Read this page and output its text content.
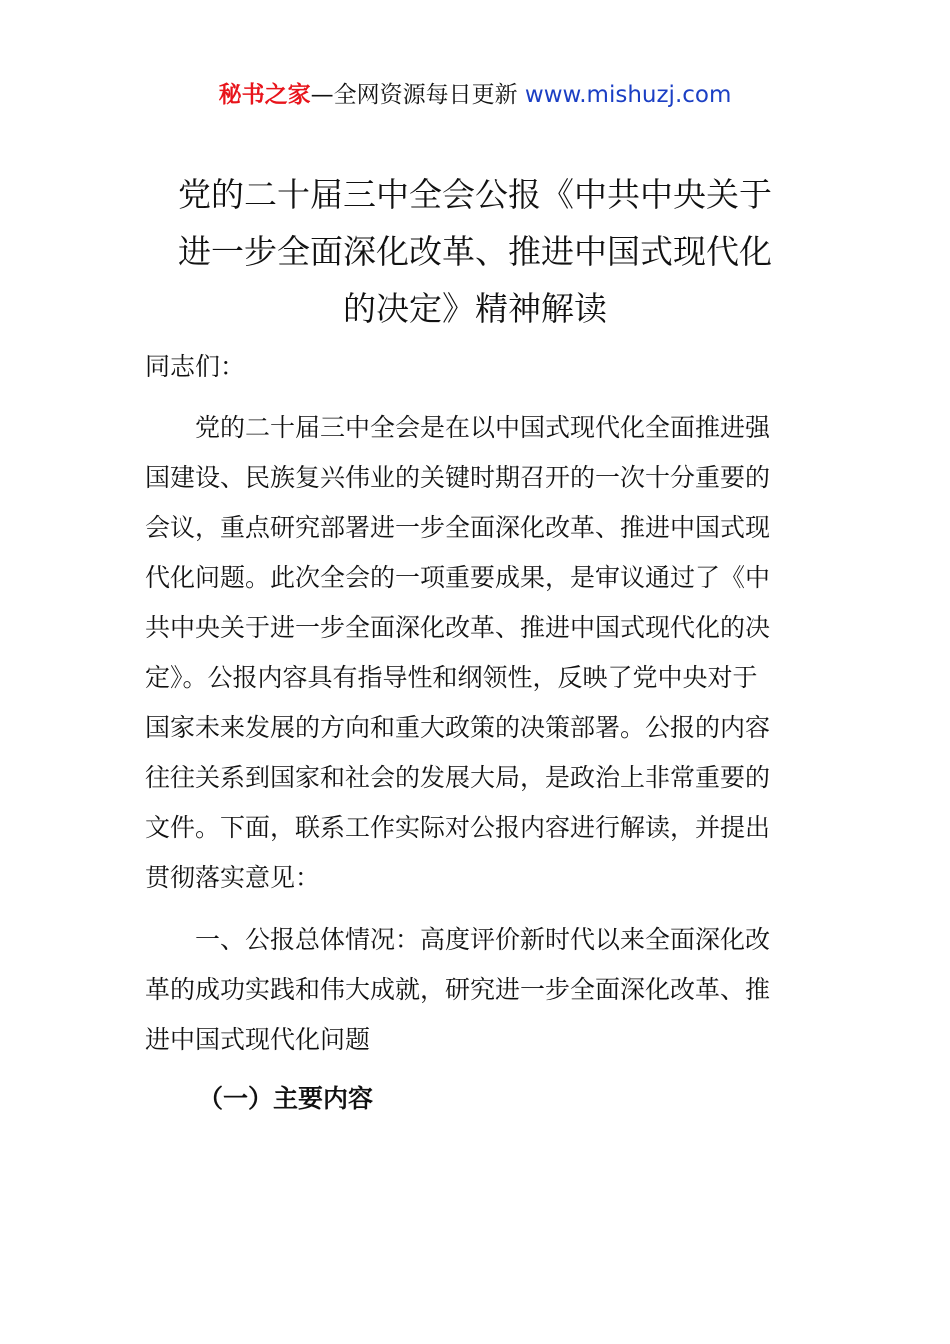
秘书之家—全网资源每日更新 www.mishuzj.com
党的二十届三中全会公报《中共中央关于
进一步全面深化改革、推进中国式现代化
的决定》精神解读

同志们：

　　党的二十届三中全会是在以中国式现代化全面推进强
国建设、民族复兴伟业的关键时期召开的一次十分重要的
会议，重点研究部署进一步全面深化改革、推进中国式现
代化问题。此次全会的一项重要成果，是审议通过了《中
共中央关于进一步全面深化改革、推进中国式现代化的决
定》。公报内容具有指导性和纲领性，反映了党中央对于
国家未来发展的方向和重大政策的决策部署。公报的内容
往往关系到国家和社会的发展大局，是政治上非常重要的
文件。下面，联系工作实际对公报内容进行解读，并提出
贯彻落实意见：

　　一、公报总体情况：高度评价新时代以来全面深化改
革的成功实践和伟大成就，研究进一步全面深化改革、推
进中国式现代化问题

（一）主要内容
